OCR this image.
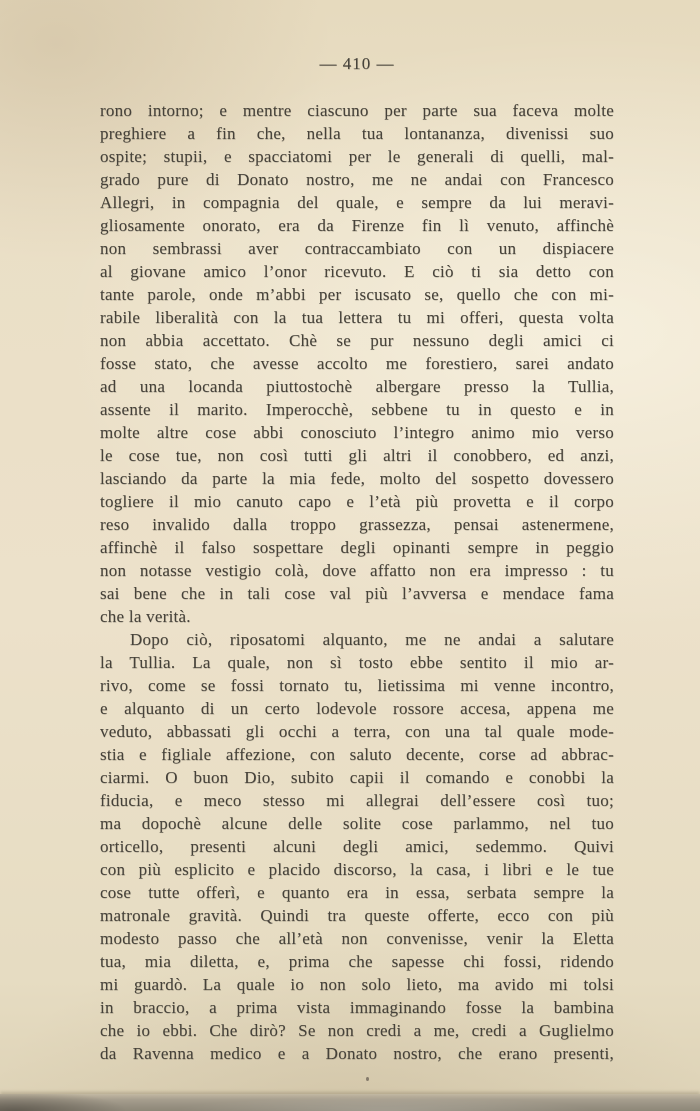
— 410 —
rono intorno; e mentre ciascuno per parte sua faceva molte
preghiere a fin che, nella tua lontananza, divenissi suo
ospite; stupii, e spacciatomi per le generali di quelli, mal-
grado pure di Donato nostro, me ne andai con Francesco
Allegri, in compagnia del quale, e sempre da lui meravi-
gliosamente onorato, era da Firenze fin lì venuto, affinchè
non sembrassi aver contraccambiato con un dispiacere
al giovane amico l’onor ricevuto. E ciò ti sia detto con
tante parole, onde m’abbi per iscusato se, quello che con mi-
rabile liberalità con la tua lettera tu mi offeri, questa volta
non abbia accettato. Chè se pur nessuno degli amici ci
fosse stato, che avesse accolto me forestiero, sarei andato
ad una locanda piuttostochè albergare presso la Tullia,
assente il marito. Imperocchè, sebbene tu in questo e in
molte altre cose abbi conosciuto l’integro animo mio verso
le cose tue, non così tutti gli altri il conobbero, ed anzi,
lasciando da parte la mia fede, molto del sospetto dovessero
togliere il mio canuto capo e l’età più provetta e il corpo
reso invalido dalla troppo grassezza, pensai astenermene,
affinchè il falso sospettare degli opinanti sempre in peggio
non notasse vestigio colà, dove affatto non era impresso : tu
sai bene che in tali cose val più l’avversa e mendace fama
che la verità.
Dopo ciò, riposatomi alquanto, me ne andai a salutare
la Tullia. La quale, non sì tosto ebbe sentito il mio ar-
rivo, come se fossi tornato tu, lietissima mi venne incontro,
e alquanto di un certo lodevole rossore accesa, appena me
veduto, abbassati gli occhi a terra, con una tal quale mode-
stia e figliale affezione, con saluto decente, corse ad abbrac-
ciarmi. O buon Dio, subito capii il comando e conobbi la
fiducia, e meco stesso mi allegrai dell’essere così tuo;
ma dopochè alcune delle solite cose parlammo, nel tuo
orticello, presenti alcuni degli amici, sedemmo. Quivi
con più esplicito e placido discorso, la casa, i libri e le tue
cose tutte offerì, e quanto era in essa, serbata sempre la
matronale gravità. Quindi tra queste offerte, ecco con più
modesto passo che all’età non convenisse, venir la Eletta
tua, mia diletta, e, prima che sapesse chi fossi, ridendo
mi guardò. La quale io non solo lieto, ma avido mi tolsi
in braccio, a prima vista immaginando fosse la bambina
che io ebbi. Che dirò? Se non credi a me, credi a Guglielmo
da Ravenna medico e a Donato nostro, che erano presenti,
